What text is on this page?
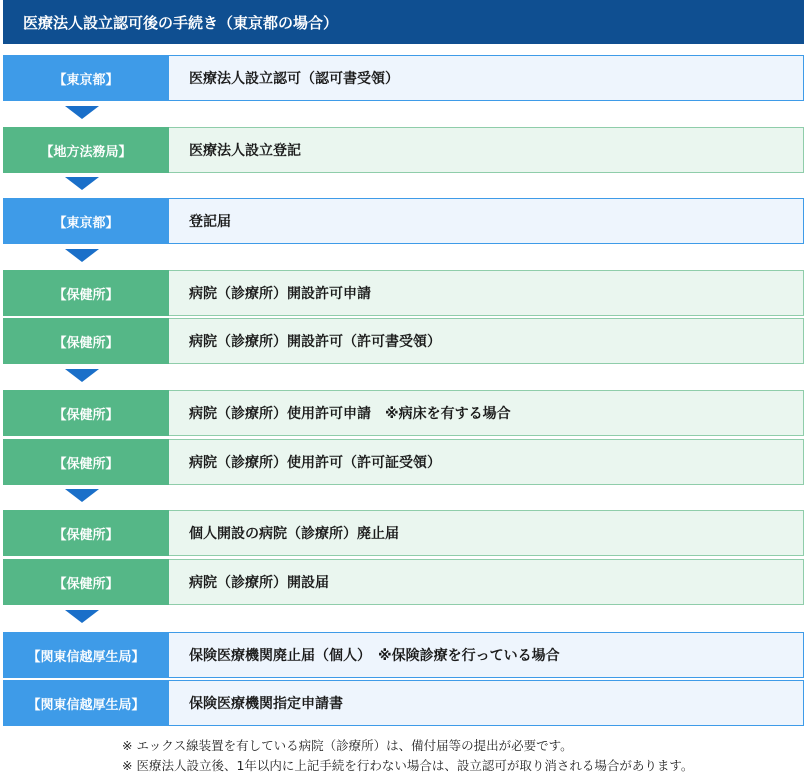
医療法人設立認可後の手続き（東京都の場合）
【東京都】	医療法人設立認可（認可書受領）
【地方法務局】	医療法人設立登記
【東京都】	登記届
【保健所】	病院（診療所）開設許可申請
【保健所】	病院（診療所）開設許可（許可書受領）
【保健所】	病院（診療所）使用許可申請　※病床を有する場合
【保健所】	病院（診療所）使用許可（許可証受領）
【保健所】	個人開設の病院（診療所）廃止届
【保健所】	病院（診療所）開設届
【関東信越厚生局】	保険医療機関廃止届（個人）　※保険診療を行っている場合
【関東信越厚生局】	保険医療機関指定申請書
※ エックス線装置を有している病院（診療所）は、備付届等の提出が必要です。
※ 医療法人設立後、1年以内に上記手続を行わない場合は、設立認可が取り消される場合があります。
